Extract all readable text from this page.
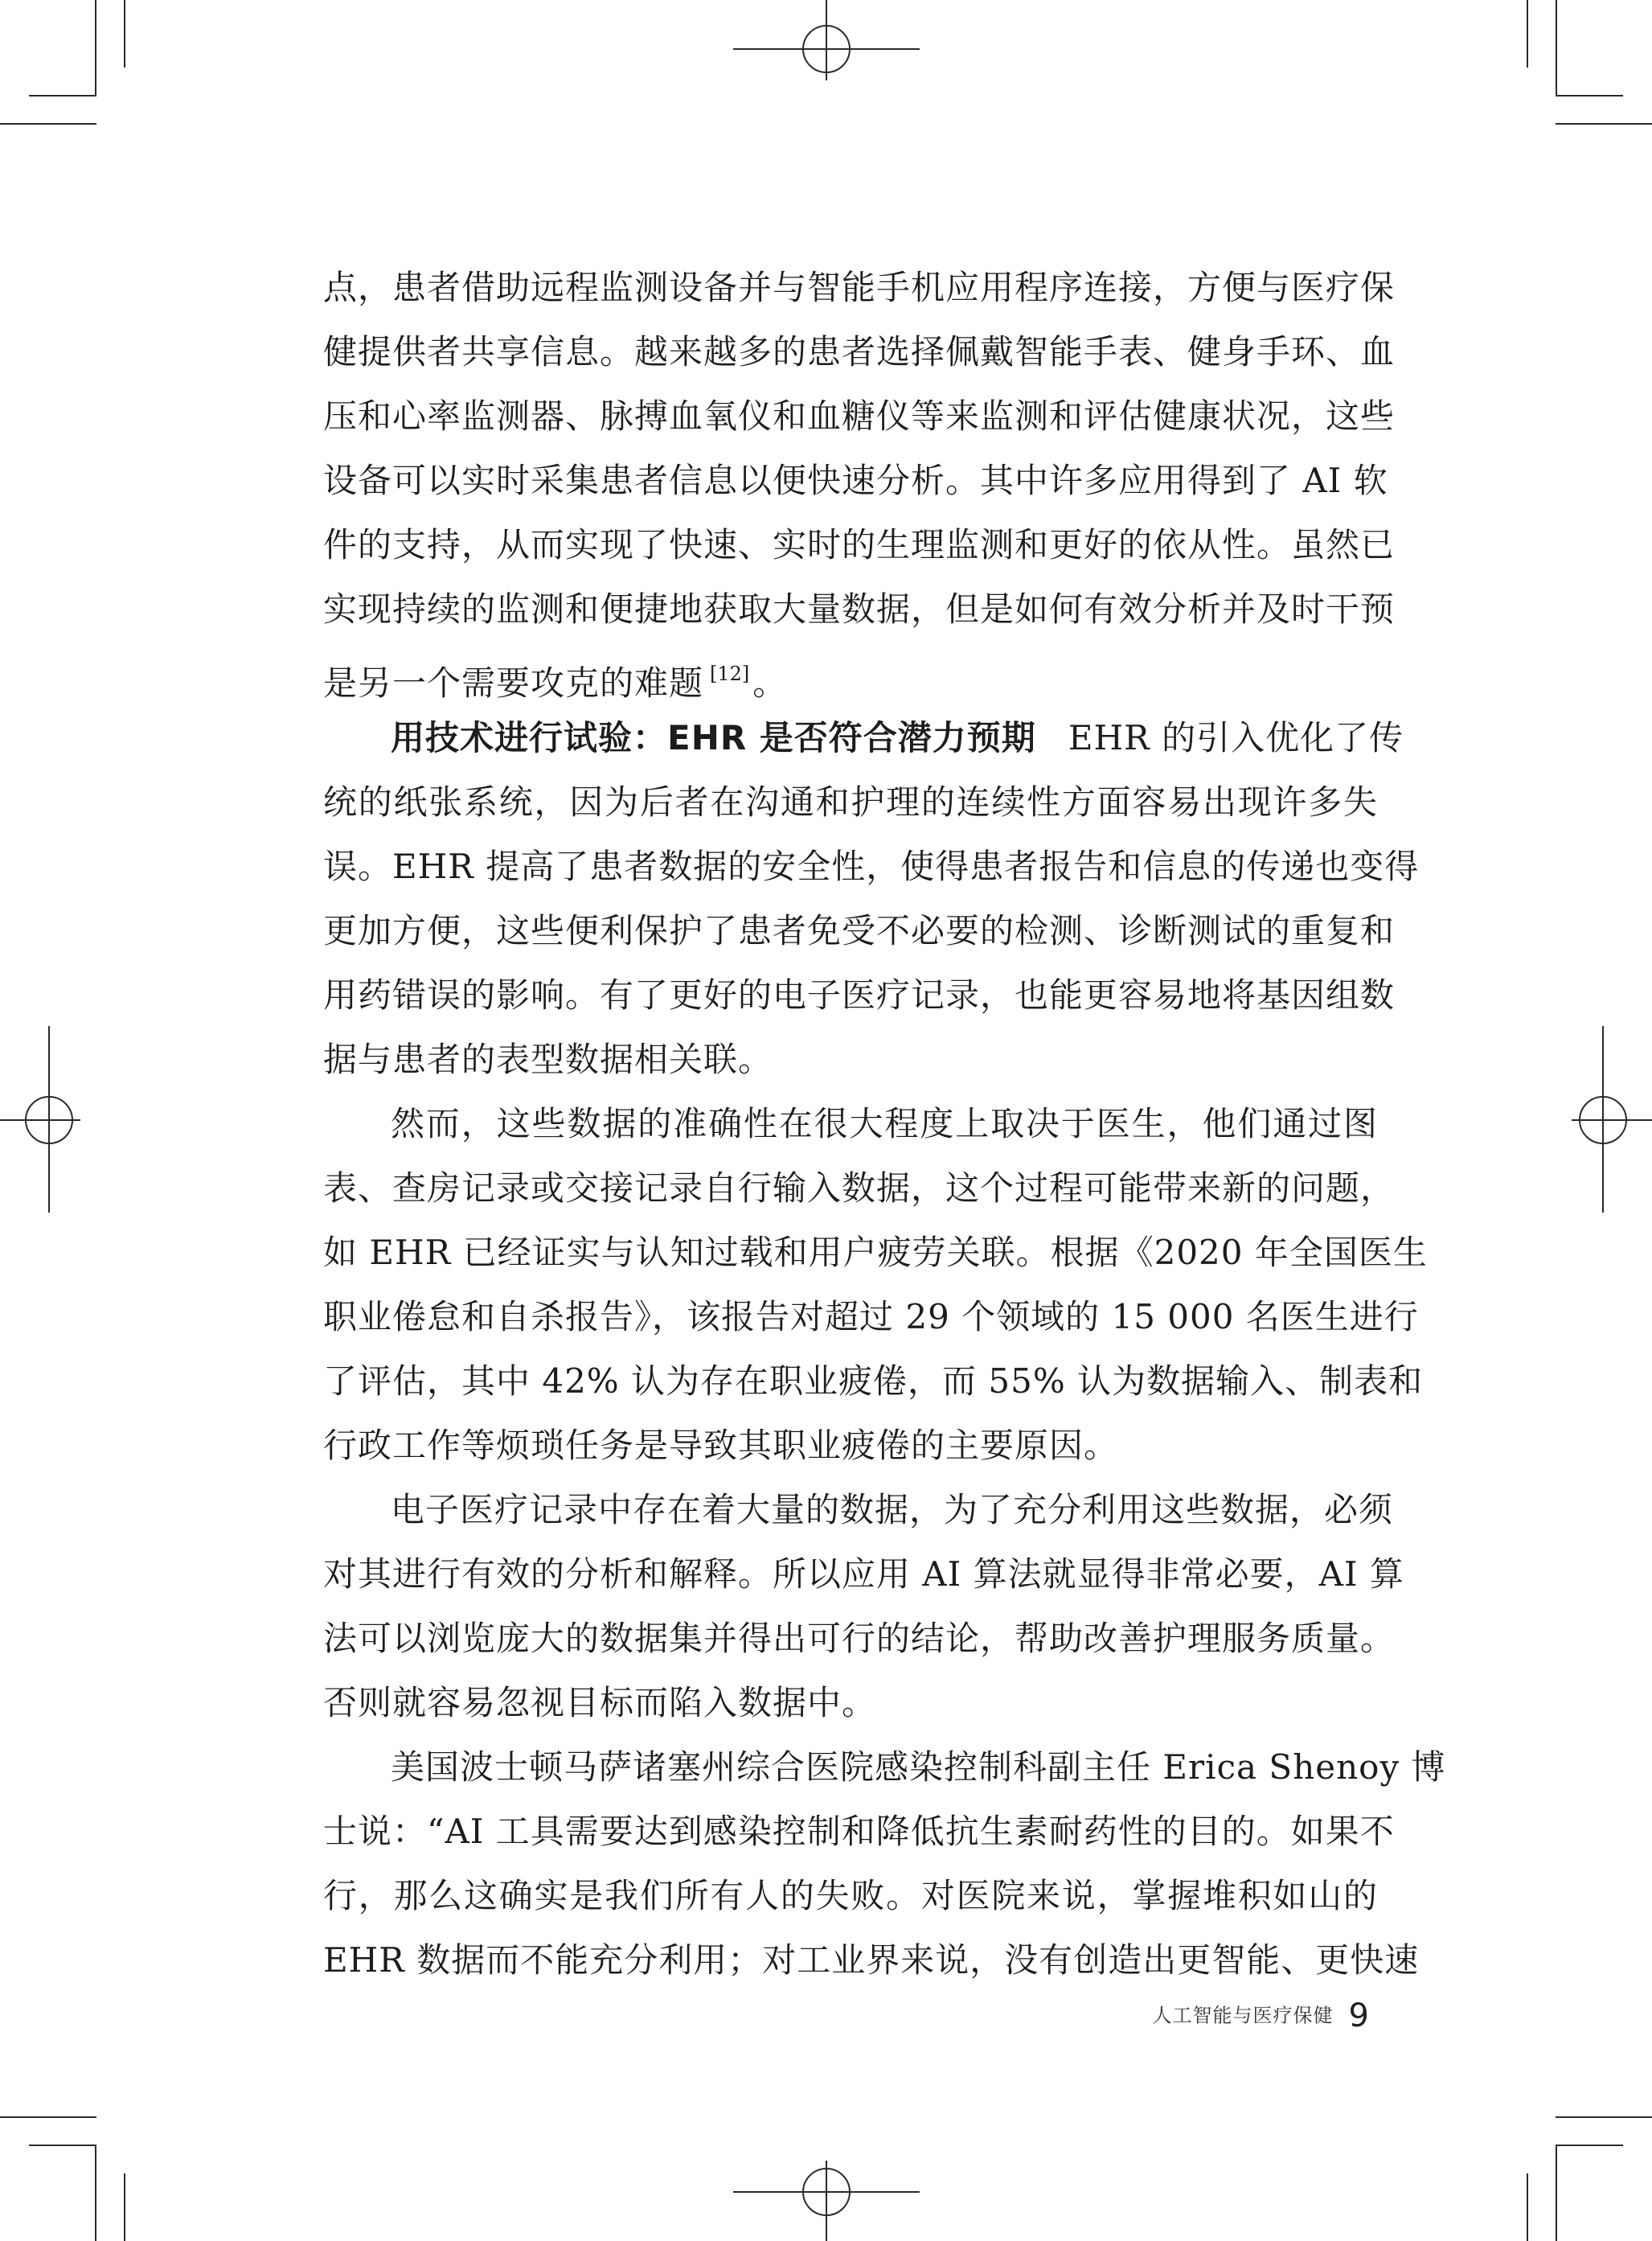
点，患者借助远程监测设备并与智能手机应用程序连接，方便与医疗保
健提供者共享信息。越来越多的患者选择佩戴智能手表、健身手环、血
压和心率监测器、脉搏血氧仪和血糖仪等来监测和评估健康状况，这些
设备可以实时采集患者信息以便快速分析。其中许多应用得到了 AI 软
件的支持，从而实现了快速、实时的生理监测和更好的依从性。虽然已
实现持续的监测和便捷地获取大量数据，但是如何有效分析并及时干预
是另一个需要攻克的难题 [12]。
用技术进行试验：EHR 是否符合潜力预期 EHR 的引入优化了传
统的纸张系统，因为后者在沟通和护理的连续性方面容易出现许多失
误。EHR 提高了患者数据的安全性，使得患者报告和信息的传递也变得
更加方便，这些便利保护了患者免受不必要的检测、诊断测试的重复和
用药错误的影响。有了更好的电子医疗记录，也能更容易地将基因组数
据与患者的表型数据相关联。
然而，这些数据的准确性在很大程度上取决于医生，他们通过图
表、查房记录或交接记录自行输入数据，这个过程可能带来新的问题，
如 EHR 已经证实与认知过载和用户疲劳关联。根据《2020 年全国医生
职业倦怠和自杀报告》，该报告对超过 29 个领域的 15 000 名医生进行
了评估，其中 42% 认为存在职业疲倦，而 55% 认为数据输入、制表和
行政工作等烦琐任务是导致其职业疲倦的主要原因。
电子医疗记录中存在着大量的数据，为了充分利用这些数据，必须
对其进行有效的分析和解释。所以应用 AI 算法就显得非常必要，AI 算
法可以浏览庞大的数据集并得出可行的结论，帮助改善护理服务质量。
否则就容易忽视目标而陷入数据中。
美国波士顿马萨诸塞州综合医院感染控制科副主任 Erica Shenoy 博
士说：“AI 工具需要达到感染控制和降低抗生素耐药性的目的。如果不
行，那么这确实是我们所有人的失败。对医院来说，掌握堆积如山的
EHR 数据而不能充分利用；对工业界来说，没有创造出更智能、更快速
人工智能与医疗保健 9
